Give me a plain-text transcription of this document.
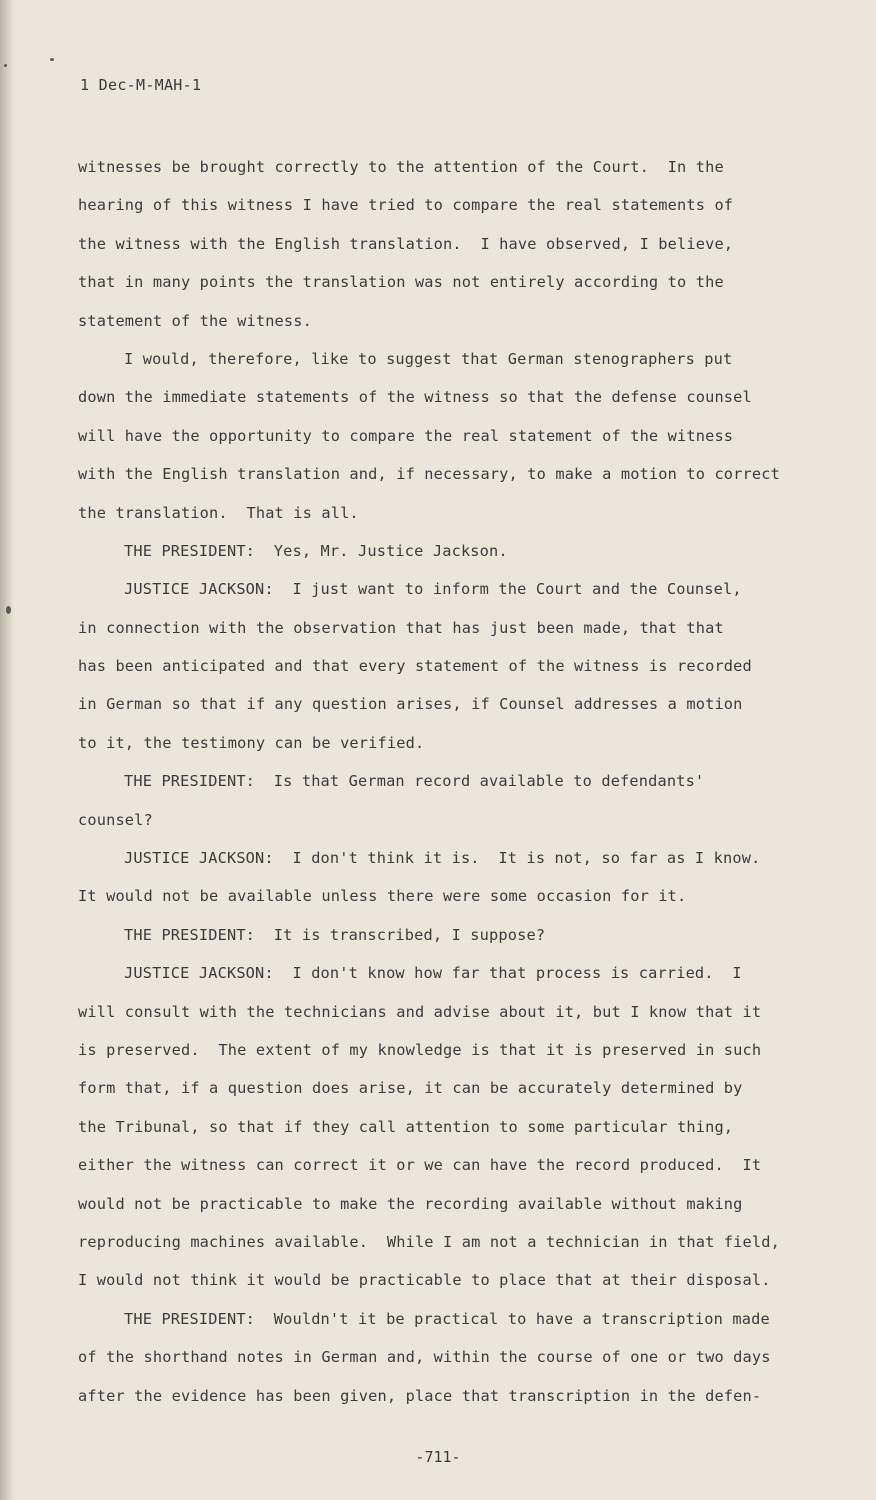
1 Dec-M-MAH-1
witnesses be brought correctly to the attention of the Court.  In the
hearing of this witness I have tried to compare the real statements of
the witness with the English translation.  I have observed, I believe,
that in many points the translation was not entirely according to the
statement of the witness.
I would, therefore, like to suggest that German stenographers put
down the immediate statements of the witness so that the defense counsel
will have the opportunity to compare the real statement of the witness
with the English translation and, if necessary, to make a motion to correct
the translation.  That is all.
THE PRESIDENT:  Yes, Mr. Justice Jackson.
JUSTICE JACKSON:  I just want to inform the Court and the Counsel,
in connection with the observation that has just been made, that that
has been anticipated and that every statement of the witness is recorded
in German so that if any question arises, if Counsel addresses a motion
to it, the testimony can be verified.
THE PRESIDENT:  Is that German record available to defendants'
counsel?
JUSTICE JACKSON:  I don't think it is.  It is not, so far as I know.
It would not be available unless there were some occasion for it.
THE PRESIDENT:  It is transcribed, I suppose?
JUSTICE JACKSON:  I don't know how far that process is carried.  I
will consult with the technicians and advise about it, but I know that it
is preserved.  The extent of my knowledge is that it is preserved in such
form that, if a question does arise, it can be accurately determined by
the Tribunal, so that if they call attention to some particular thing,
either the witness can correct it or we can have the record produced.  It
would not be practicable to make the recording available without making
reproducing machines available.  While I am not a technician in that field,
I would not think it would be practicable to place that at their disposal.
THE PRESIDENT:  Wouldn't it be practical to have a transcription made
of the shorthand notes in German and, within the course of one or two days
after the evidence has been given, place that transcription in the defen-
-711-
